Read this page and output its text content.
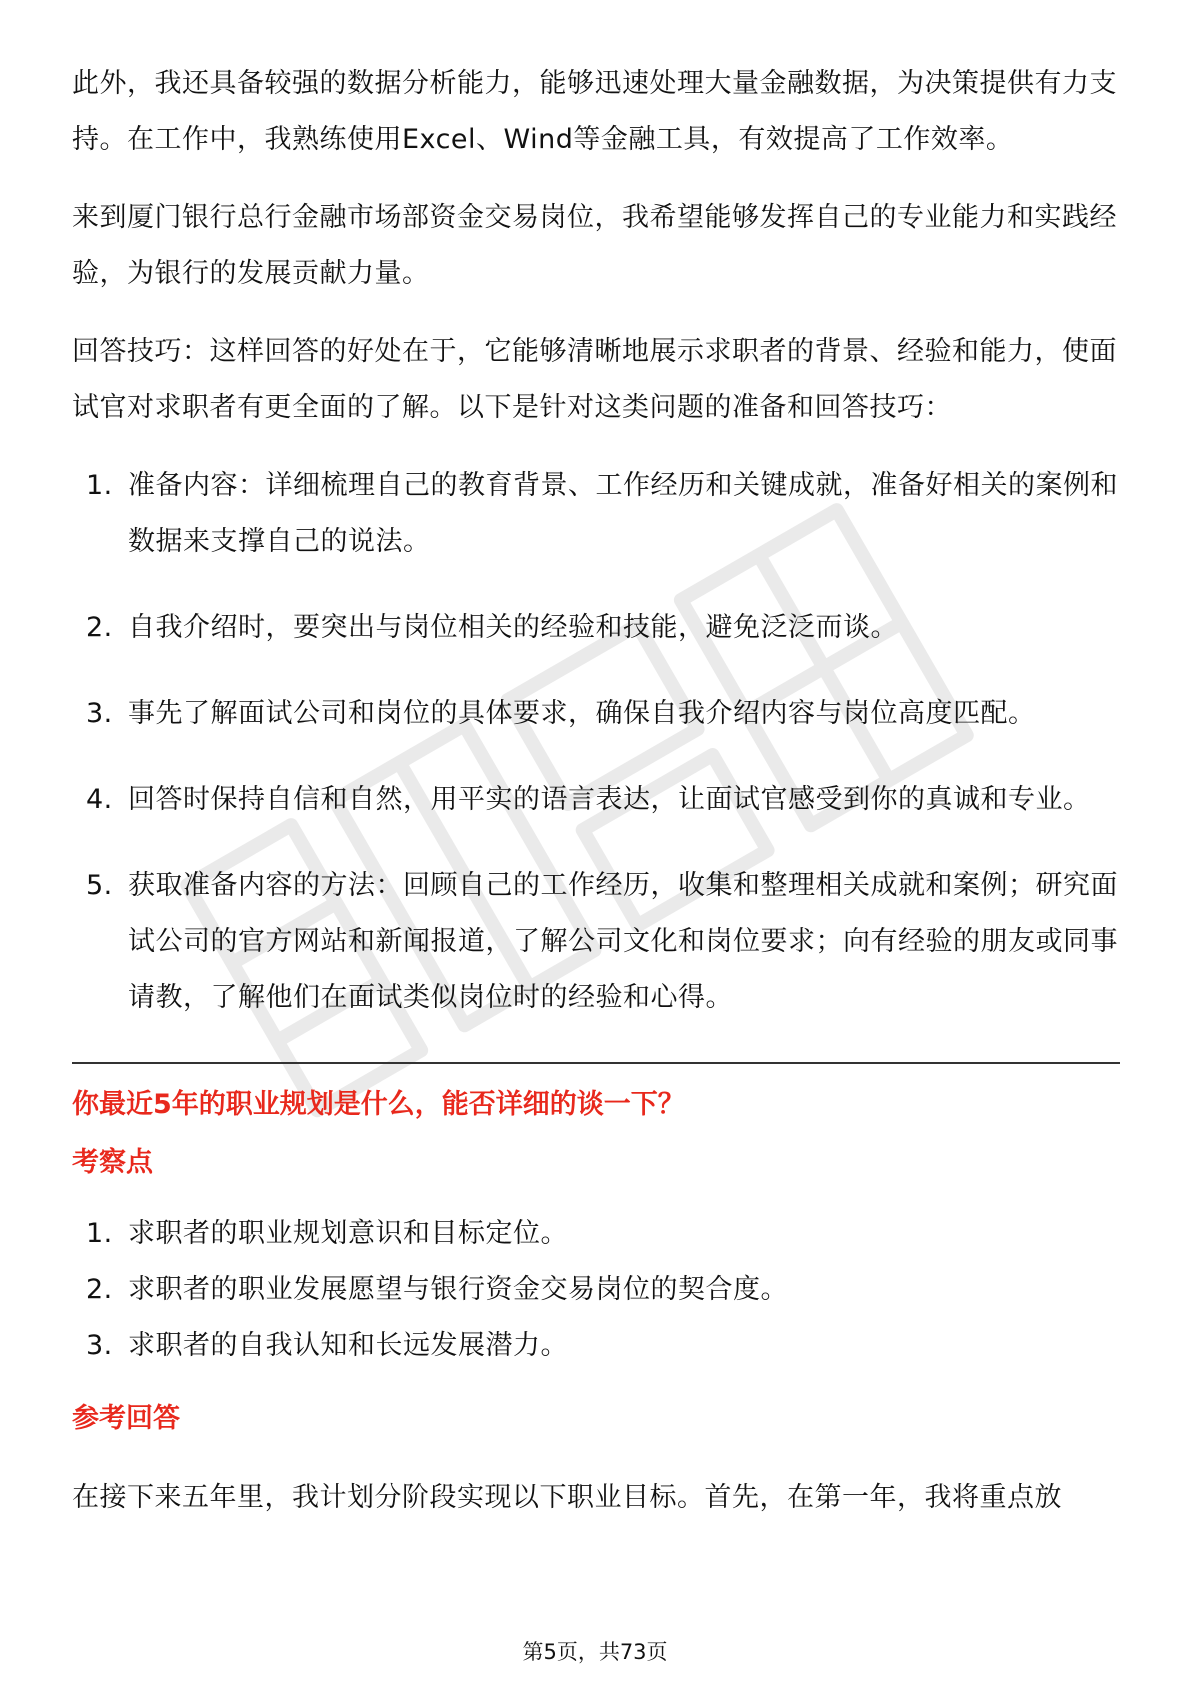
此外，我还具备较强的数据分析能力，能够迅速处理大量金融数据，为决策提供有力支持。在工作中，我熟练使用Excel、Wind等金融工具，有效提高了工作效率。

来到厦门银行总行金融市场部资金交易岗位，我希望能够发挥自己的专业能力和实践经验，为银行的发展贡献力量。

回答技巧：这样回答的好处在于，它能够清晰地展示求职者的背景、经验和能力，使面试官对求职者有更全面的了解。以下是针对这类问题的准备和回答技巧：

1. 准备内容：详细梳理自己的教育背景、工作经历和关键成就，准备好相关的案例和数据来支撑自己的说法。
2. 自我介绍时，要突出与岗位相关的经验和技能，避免泛泛而谈。
3. 事先了解面试公司和岗位的具体要求，确保自我介绍内容与岗位高度匹配。
4. 回答时保持自信和自然，用平实的语言表达，让面试官感受到你的真诚和专业。
5. 获取准备内容的方法：回顾自己的工作经历，收集和整理相关成就和案例；研究面试公司的官方网站和新闻报道，了解公司文化和岗位要求；向有经验的朋友或同事请教，了解他们在面试类似岗位时的经验和心得。

你最近5年的职业规划是什么，能否详细的谈一下？

考察点

1. 求职者的职业规划意识和目标定位。
2. 求职者的职业发展愿望与银行资金交易岗位的契合度。
3. 求职者的自我认知和长远发展潜力。

参考回答

在接下来五年里，我计划分阶段实现以下职业目标。首先，在第一年，我将重点放

第5页，共73页
